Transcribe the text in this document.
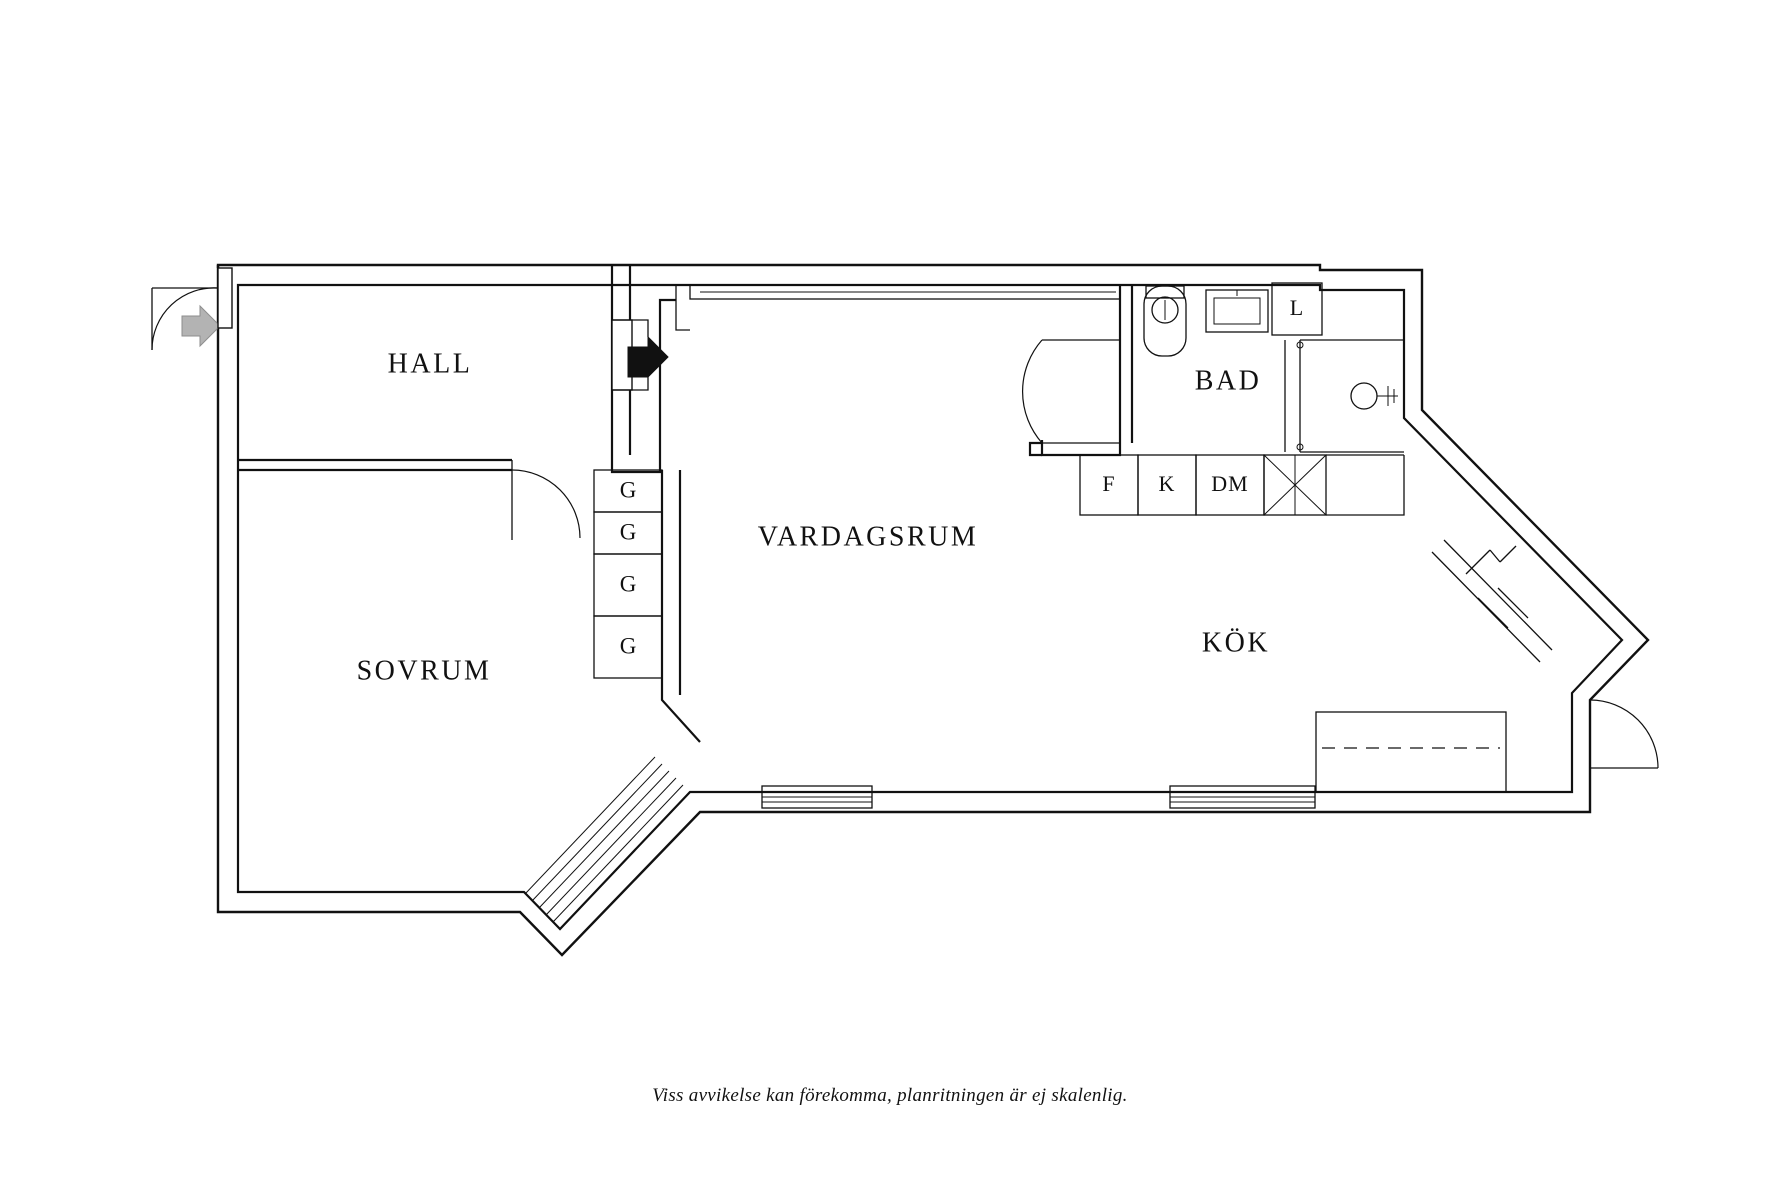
G
G
G
G
L
F K DM
HALL
SOVRUM
VARDAGSRUM
BAD
KÖK
Viss avvikelse kan förekomma, planritningen är ej skalenlig.
